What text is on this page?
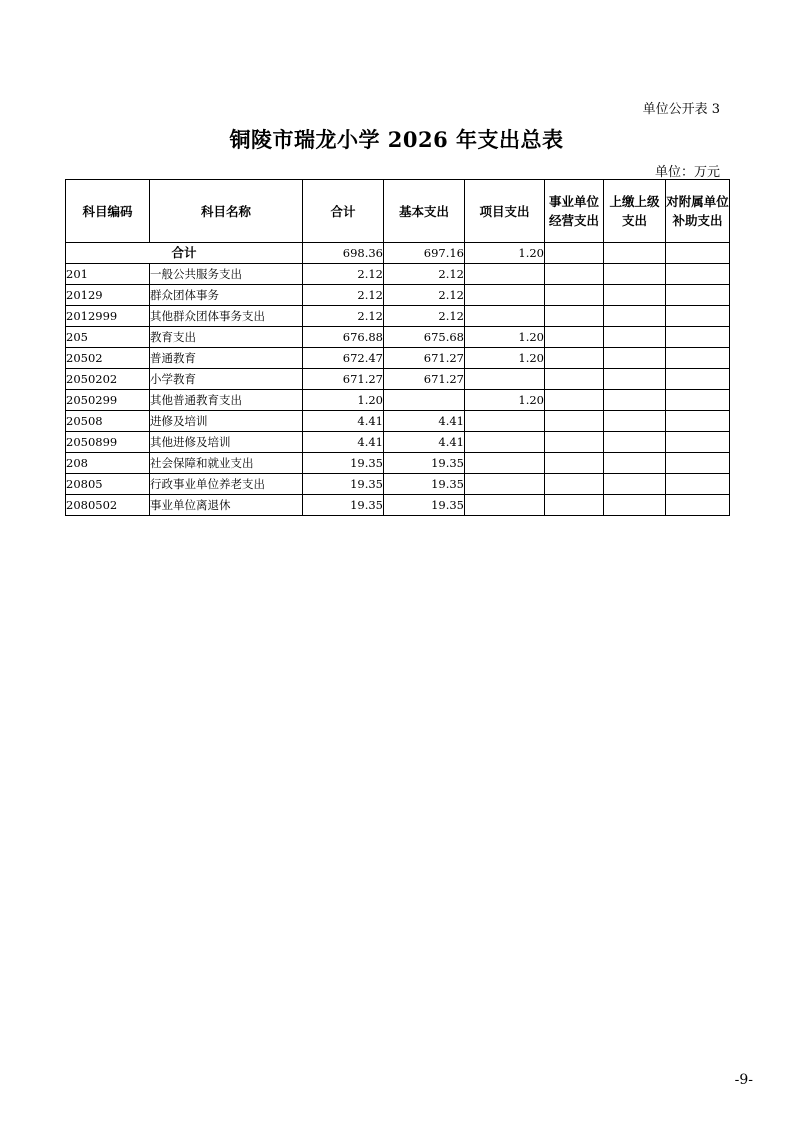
单位公开表 3
铜陵市瑞龙小学 2026 年支出总表
单位：万元
科目编码	科目名称	合计	基本支出	项目支出	事业单位经营支出	上缴上级支出	对附属单位补助支出
合计		698.36	697.16	1.20			
201	一般公共服务支出	2.12	2.12				
20129	群众团体事务	2.12	2.12				
2012999	其他群众团体事务支出	2.12	2.12				
205	教育支出	676.88	675.68	1.20			
20502	普通教育	672.47	671.27	1.20			
2050202	小学教育	671.27	671.27				
2050299	其他普通教育支出	1.20		1.20			
20508	进修及培训	4.41	4.41				
2050899	其他进修及培训	4.41	4.41				
208	社会保障和就业支出	19.35	19.35				
20805	行政事业单位养老支出	19.35	19.35				
2080502	事业单位离退休	19.35	19.35				
-9-
